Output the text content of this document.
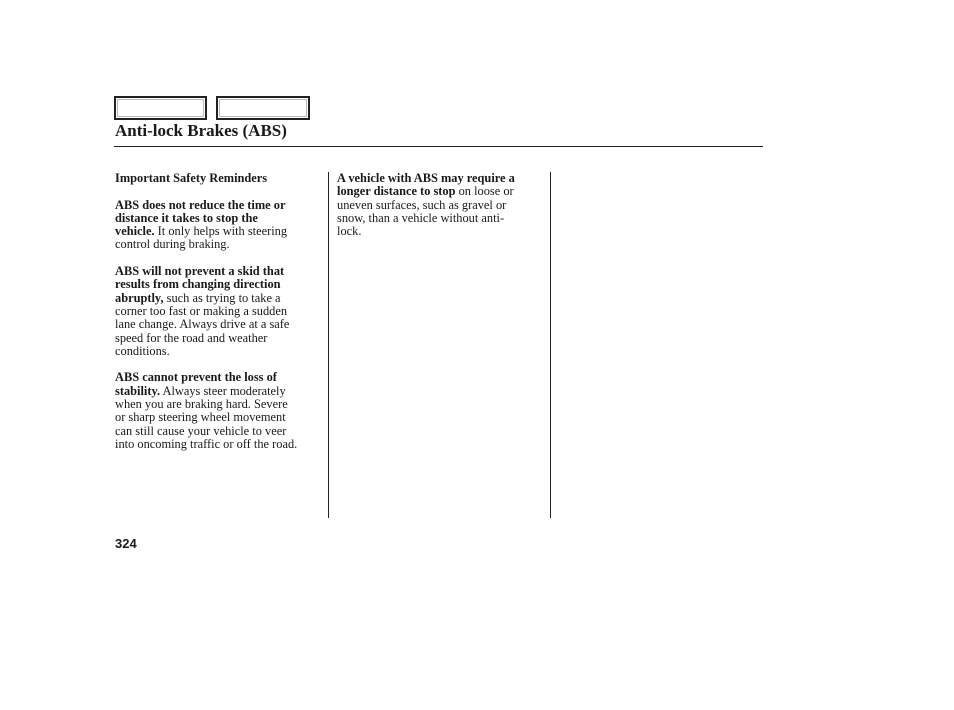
Anti-lock Brakes (ABS)

Important Safety Reminders

ABS does not reduce the time or
distance it takes to stop the
vehicle. It only helps with steering
control during braking.

ABS will not prevent a skid that
results from changing direction
abruptly, such as trying to take a
corner too fast or making a sudden
lane change. Always drive at a safe
speed for the road and weather
conditions.

ABS cannot prevent the loss of
stability. Always steer moderately
when you are braking hard. Severe
or sharp steering wheel movement
can still cause your vehicle to veer
into oncoming traffic or off the road.

A vehicle with ABS may require a
longer distance to stop on loose or
uneven surfaces, such as gravel or
snow, than a vehicle without anti-
lock.

324
